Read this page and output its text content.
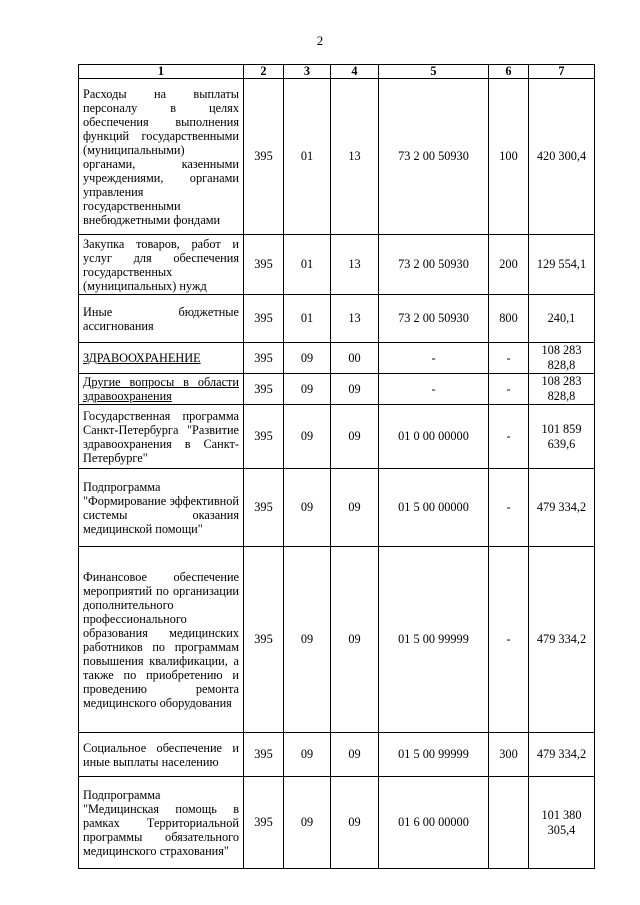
2
1	2	3	4	5	6	7
Расходы на выплаты персоналу в целях обеспечения выполнения функций государственными (муниципальными) органами, казенными учреждениями, органами управления государственными внебюджетными фондами	395	01	13	73 2 00 50930	100	420 300,4
Закупка товаров, работ и услуг для обеспечения государственных (муниципальных) нужд	395	01	13	73 2 00 50930	200	129 554,1
Иные бюджетные ассигнования	395	01	13	73 2 00 50930	800	240,1

ЗДРАВООХРАНЕНИЕ	395	09	00	-	-	108 283 828,8

Другие вопросы в области здравоохранения	395	09	09	-	-	108 283 828,8
Государственная программа Санкт-Петербурга "Развитие здравоохранения в Санкт-Петербурге"	395	09	09	01 0 00 00000	-	101 859 639,6
Подпрограмма "Формирование эффективной системы оказания медицинской помощи"	395	09	09	01 5 00 00000	-	479 334,2
Финансовое обеспечение мероприятий по организации дополнительного профессионального образования медицинских работников по программам повышения квалификации, а также по приобретению и проведению ремонта медицинского оборудования	395	09	09	01 5 00 99999	-	479 334,2
Социальное обеспечение и иные выплаты населению	395	09	09	01 5 00 99999	300	479 334,2
Подпрограмма "Медицинская помощь в рамках Территориальной программы обязательного медицинского страхования"	395	09	09	01 6 00 00000		101 380 305,4
